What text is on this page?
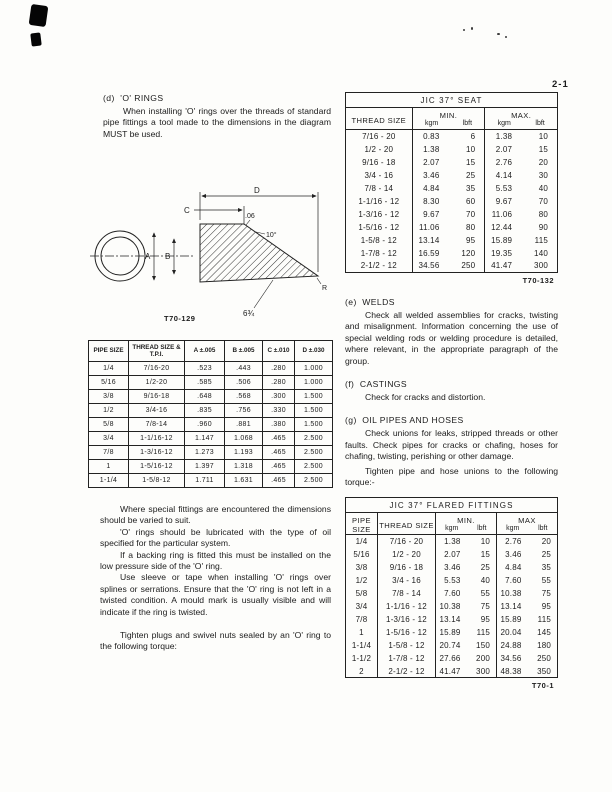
2-1
(d)  'O' RINGS

When installing 'O' rings over the threads of standard pipe fittings a tool made to the dimensions in the diagram MUST be used.

D
C
.06
10°
A B
R
6¾
T70-129
PIPE SIZE	THREAD SIZE & T.P.I.	A ±.005	B ±.005	C ±.010	D ±.030
1/4	7/16-20	.523	.443	.280	1.000
5/16	1/2-20	.585	.506	.280	1.000
3/8	9/16-18	.648	.568	.300	1.500
1/2	3/4-16	.835	.756	.330	1.500
5/8	7/8-14	.960	.881	.380	1.500
3/4	1-1/16-12	1.147	1.068	.465	2.500
7/8	1-3/16-12	1.273	1.193	.465	2.500
1	1-5/16-12	1.397	1.318	.465	2.500
1-1/4	1-5/8-12	1.711	1.631	.465	2.500

Where special fittings are encountered the dimensions should be varied to suit.

'O' rings should be lubricated with the type of oil specified for the particular system.

If a backing ring is fitted this must be installed on the low pressure side of the 'O' ring.

Use sleeve or tape when installing 'O' rings over splines or serrations. Ensure that the 'O' ring is not left in a twisted condition. A mould mark is usually visible and will indicate if the ring is twisted.

Tighten plugs and swivel nuts sealed by an 'O' ring to the following torque:

JIC 37° SEAT				
THREAD SIZE	MIN.		MAX.	
	kgm	lbft	kgm	lbft
7/16 - 20	0.83	6	1.38	10
1/2 - 20	1.38	10	2.07	15
9/16 - 18	2.07	15	2.76	20
3/4 - 16	3.46	25	4.14	30
7/8 - 14	4.84	35	5.53	40
1-1/16 - 12	8.30	60	9.67	70
1-3/16 - 12	9.67	70	11.06	80
1-5/16 - 12	11.06	80	12.44	90
1-5/8 - 12	13.14	95	15.89	115
1-7/8 - 12	16.59	120	19.35	140
2-1/2 - 12	34.56	250	41.47	300
T70-132
(e)  WELDS

Check all welded assemblies for cracks, twisting and misalignment. Information concerning the use of special welding rods or welding procedure is detailed, where relevant, in the appropriate paragraph of the group.

(f)  CASTINGS

Check for cracks and distortion.

(g)  OIL PIPES AND HOSES

Check unions for leaks, stripped threads or other faults. Check pipes for cracks or chafing, hoses for chafing, twisting, perishing or other damage.

Tighten pipe and hose unions to the following torque:-

JIC 37° FLARED FITTINGS					
PIPE SIZE	THREAD SIZE	MIN.		MAX	
		kgm	lbft	kgm	lbft
1/4	7/16 - 20	1.38	10	2.76	20
5/16	1/2 - 20	2.07	15	3.46	25
3/8	9/16 - 18	3.46	25	4.84	35
1/2	3/4 - 16	5.53	40	7.60	55
5/8	7/8 - 14	7.60	55	10.38	75
3/4	1-1/16 - 12	10.38	75	13.14	95
7/8	1-3/16 - 12	13.14	95	15.89	115
1	1-5/16 - 12	15.89	115	20.04	145
1-1/4	1-5/8 - 12	20.74	150	24.88	180
1-1/2	1-7/8 - 12	27.66	200	34.56	250
2	2-1/2 - 12	41.47	300	48.38	350
T70-1
